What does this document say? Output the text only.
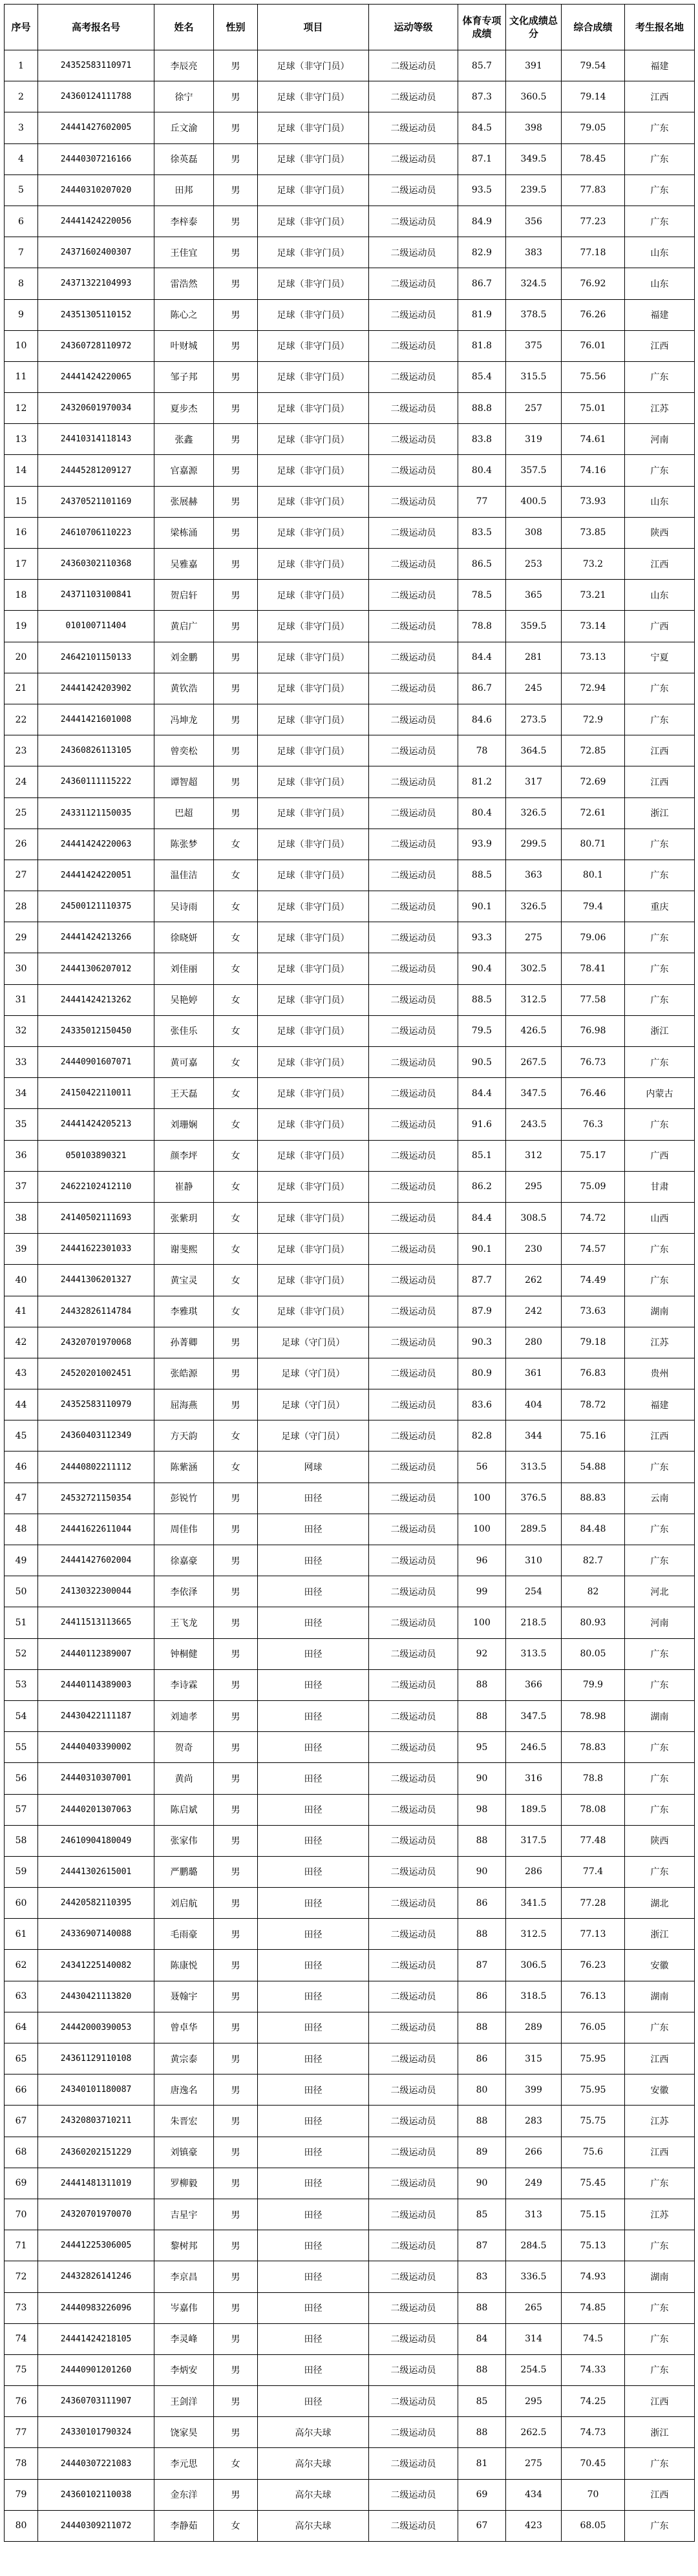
序号	高考报名号	姓名	性别	项目	运动等级	体育专项成绩	文化成绩总分	综合成绩	考生报名地
1	24352583110971	李辰亮	男	足球（非守门员）	二级运动员	85.7	391	79.54	福建
2	24360124111788	徐宁	男	足球（非守门员）	二级运动员	87.3	360.5	79.14	江西
3	24441427602005	丘文渝	男	足球（非守门员）	二级运动员	84.5	398	79.05	广东
4	24440307216166	徐英磊	男	足球（非守门员）	二级运动员	87.1	349.5	78.45	广东
5	24440310207020	田邦	男	足球（非守门员）	二级运动员	93.5	239.5	77.83	广东
6	24441424220056	李梓泰	男	足球（非守门员）	二级运动员	84.9	356	77.23	广东
7	24371602400307	王佳宜	男	足球（非守门员）	二级运动员	82.9	383	77.18	山东
8	24371322104993	雷浩然	男	足球（非守门员）	二级运动员	86.7	324.5	76.92	山东
9	24351305110152	陈心之	男	足球（非守门员）	二级运动员	81.9	378.5	76.26	福建
10	24360728110972	叶财城	男	足球（非守门员）	二级运动员	81.8	375	76.01	江西
11	24441424220065	邹子邦	男	足球（非守门员）	二级运动员	85.4	315.5	75.56	广东
12	24320601970034	夏步杰	男	足球（非守门员）	二级运动员	88.8	257	75.01	江苏
13	24410314118143	张鑫	男	足球（非守门员）	二级运动员	83.8	319	74.61	河南
14	24445281209127	官嘉源	男	足球（非守门员）	二级运动员	80.4	357.5	74.16	广东
15	24370521101169	张展赫	男	足球（非守门员）	二级运动员	77	400.5	73.93	山东
16	24610706110223	梁栋涌	男	足球（非守门员）	二级运动员	83.5	308	73.85	陕西
17	24360302110368	吴雅嘉	男	足球（非守门员）	二级运动员	86.5	253	73.2	江西
18	24371103100841	贺启轩	男	足球（非守门员）	二级运动员	78.5	365	73.21	山东
19	010100711404	黄启广	男	足球（非守门员）	二级运动员	78.8	359.5	73.14	广西
20	24642101150133	刘金鹏	男	足球（非守门员）	二级运动员	84.4	281	73.13	宁夏
21	24441424203902	黄钦浩	男	足球（非守门员）	二级运动员	86.7	245	72.94	广东
22	24441421601008	冯坤龙	男	足球（非守门员）	二级运动员	84.6	273.5	72.9	广东
23	24360826113105	曾奕松	男	足球（非守门员）	二级运动员	78	364.5	72.85	江西
24	24360111115222	谭智超	男	足球（非守门员）	二级运动员	81.2	317	72.69	江西
25	24331121150035	巴超	男	足球（非守门员）	二级运动员	80.4	326.5	72.61	浙江
26	24441424220063	陈张梦	女	足球（非守门员）	二级运动员	93.9	299.5	80.71	广东
27	24441424220051	温佳洁	女	足球（非守门员）	二级运动员	88.5	363	80.1	广东
28	24500121110375	吴诗雨	女	足球（非守门员）	二级运动员	90.1	326.5	79.4	重庆
29	24441424213266	徐晓妍	女	足球（非守门员）	二级运动员	93.3	275	79.06	广东
30	24441306207012	刘佳丽	女	足球（非守门员）	二级运动员	90.4	302.5	78.41	广东
31	24441424213262	吴艳婷	女	足球（非守门员）	二级运动员	88.5	312.5	77.58	广东
32	24335012150450	张佳乐	女	足球（非守门员）	二级运动员	79.5	426.5	76.98	浙江
33	24440901607071	黄可嘉	女	足球（非守门员）	二级运动员	90.5	267.5	76.73	广东
34	24150422110011	王天磊	女	足球（非守门员）	二级运动员	84.4	347.5	76.46	内蒙古
35	24441424205213	刘珊娴	女	足球（非守门员）	二级运动员	91.6	243.5	76.3	广东
36	050103890321	颜李坪	女	足球（非守门员）	二级运动员	85.1	312	75.17	广西
37	24622102412110	崔静	女	足球（非守门员）	二级运动员	86.2	295	75.09	甘肃
38	24140502111693	张紫玥	女	足球（非守门员）	二级运动员	84.4	308.5	74.72	山西
39	24441622301033	谢斐熙	女	足球（非守门员）	二级运动员	90.1	230	74.57	广东
40	24441306201327	黄宝灵	女	足球（非守门员）	二级运动员	87.7	262	74.49	广东
41	24432826114784	李雅琪	女	足球（非守门员）	二级运动员	87.9	242	73.63	湖南
42	24320701970068	孙菁卿	男	足球（守门员）	二级运动员	90.3	280	79.18	江苏
43	24520201002451	张皓源	男	足球（守门员）	二级运动员	80.9	361	76.83	贵州
44	24352583110979	屈海燕	男	足球（守门员）	二级运动员	83.6	404	78.72	福建
45	24360403112349	方天韵	女	足球（守门员）	二级运动员	82.8	344	75.16	江西
46	24440802211112	陈紫涵	女	网球	二级运动员	56	313.5	54.88	广东
47	24532721150354	彭锐竹	男	田径	二级运动员	100	376.5	88.83	云南
48	24441622611044	周佳伟	男	田径	二级运动员	100	289.5	84.48	广东
49	24441427602004	徐嘉豪	男	田径	二级运动员	96	310	82.7	广东
50	24130322300044	李依泽	男	田径	二级运动员	99	254	82	河北
51	24411513113665	王飞龙	男	田径	二级运动员	100	218.5	80.93	河南
52	24440112389007	钟桐健	男	田径	二级运动员	92	313.5	80.05	广东
53	24440114389003	李诗霖	男	田径	二级运动员	88	366	79.9	广东
54	24430422111187	刘迪孝	男	田径	二级运动员	88	347.5	78.98	湖南
55	24440403390002	贺奇	男	田径	二级运动员	95	246.5	78.83	广东
56	24440310307001	黄尚	男	田径	二级运动员	90	316	78.8	广东
57	24440201307063	陈启斌	男	田径	二级运动员	98	189.5	78.08	广东
58	24610904180049	张家伟	男	田径	二级运动员	88	317.5	77.48	陕西
59	24441302615001	严鹏璐	男	田径	二级运动员	90	286	77.4	广东
60	24420582110395	刘启航	男	田径	二级运动员	86	341.5	77.28	湖北
61	24336907140088	毛雨豪	男	田径	二级运动员	88	312.5	77.13	浙江
62	24341225140082	陈康悦	男	田径	二级运动员	87	306.5	76.23	安徽
63	24430421113820	聂翰宇	男	田径	二级运动员	86	318.5	76.13	湖南
64	24442000390053	曾卓华	男	田径	二级运动员	88	289	76.05	广东
65	24361129110108	黄宗泰	男	田径	二级运动员	86	315	75.95	江西
66	24340101180087	唐逸名	男	田径	二级运动员	80	399	75.95	安徽
67	24320803710211	朱晋宏	男	田径	二级运动员	88	283	75.75	江苏
68	24360202151229	刘镇豪	男	田径	二级运动员	89	266	75.6	江西
69	24441481311019	罗柳毅	男	田径	二级运动员	90	249	75.45	广东
70	24320701970070	吉星宇	男	田径	二级运动员	85	313	75.15	江苏
71	24441225306005	黎树邦	男	田径	二级运动员	87	284.5	75.13	广东
72	24432826141246	李京昌	男	田径	二级运动员	83	336.5	74.93	湖南
73	24440983226096	岑嘉伟	男	田径	二级运动员	88	265	74.85	广东
74	24441424218105	李灵峰	男	田径	二级运动员	84	314	74.5	广东
75	24440901201260	李炳安	男	田径	二级运动员	88	254.5	74.33	广东
76	24360703111907	王剑洋	男	田径	二级运动员	85	295	74.25	江西
77	24330101790324	饶家昊	男	高尔夫球	二级运动员	88	262.5	74.73	浙江
78	24440307221083	李元思	女	高尔夫球	二级运动员	81	275	70.45	广东
79	24360102110038	金东洋	男	高尔夫球	二级运动员	69	434	70	江西
80	24440309211072	李静茹	女	高尔夫球	二级运动员	67	423	68.05	广东
